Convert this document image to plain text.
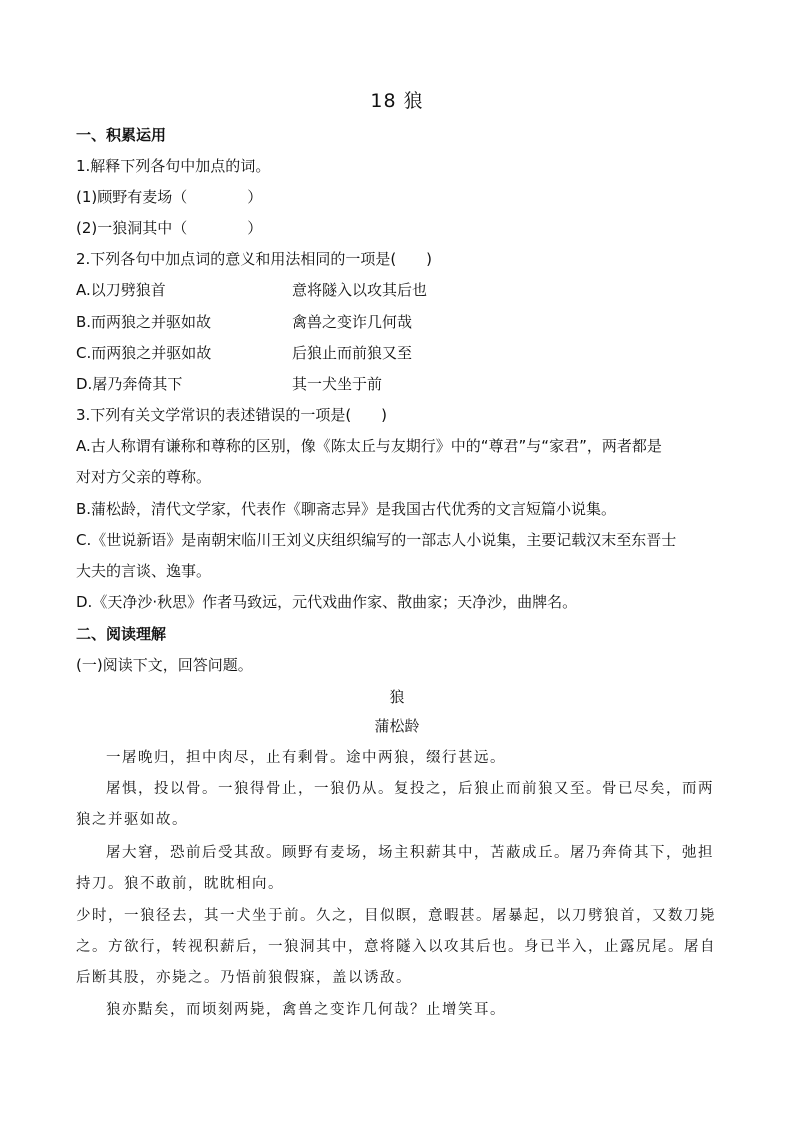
18 狼
一、积累运用
1.解释下列各句中加点的词。
(1)顾野有麦场（　　　　）
(2)一狼洞其中（　　　　）
2.下列各句中加点词的意义和用法相同的一项是(　　)
A.以刀劈狼首	意将隧入以攻其后也
B.而两狼之并驱如故	禽兽之变诈几何哉
C.而两狼之并驱如故	后狼止而前狼又至
D.屠乃奔倚其下	其一犬坐于前
3.下列有关文学常识的表述错误的一项是(　　)
A.古人称谓有谦称和尊称的区别，像《陈太丘与友期行》中的“尊君”与“家君”，两者都是
对对方父亲的尊称。
B.蒲松龄，清代文学家，代表作《聊斋志异》是我国古代优秀的文言短篇小说集。
C.《世说新语》是南朝宋临川王刘义庆组织编写的一部志人小说集，主要记载汉末至东晋士
大夫的言谈、逸事。
D.《天净沙·秋思》作者马致远，元代戏曲作家、散曲家；天净沙，曲牌名。
二、阅读理解
(一)阅读下文，回答问题。
狼
蒲松龄
一屠晚归，担中肉尽，止有剩骨。途中两狼，缀行甚远。
屠惧，投以骨。一狼得骨止，一狼仍从。复投之，后狼止而前狼又至。骨已尽矣，而两
狼之并驱如故。
屠大窘，恐前后受其敌。顾野有麦场，场主积薪其中，苫蔽成丘。屠乃奔倚其下，弛担
持刀。狼不敢前，眈眈相向。
少时，一狼径去，其一犬坐于前。久之，目似瞑，意暇甚。屠暴起，以刀劈狼首，又数刀毙
之。方欲行，转视积薪后，一狼洞其中，意将隧入以攻其后也。身已半入，止露尻尾。屠自
后断其股，亦毙之。乃悟前狼假寐，盖以诱敌。
狼亦黠矣，而顷刻两毙，禽兽之变诈几何哉？止增笑耳。
